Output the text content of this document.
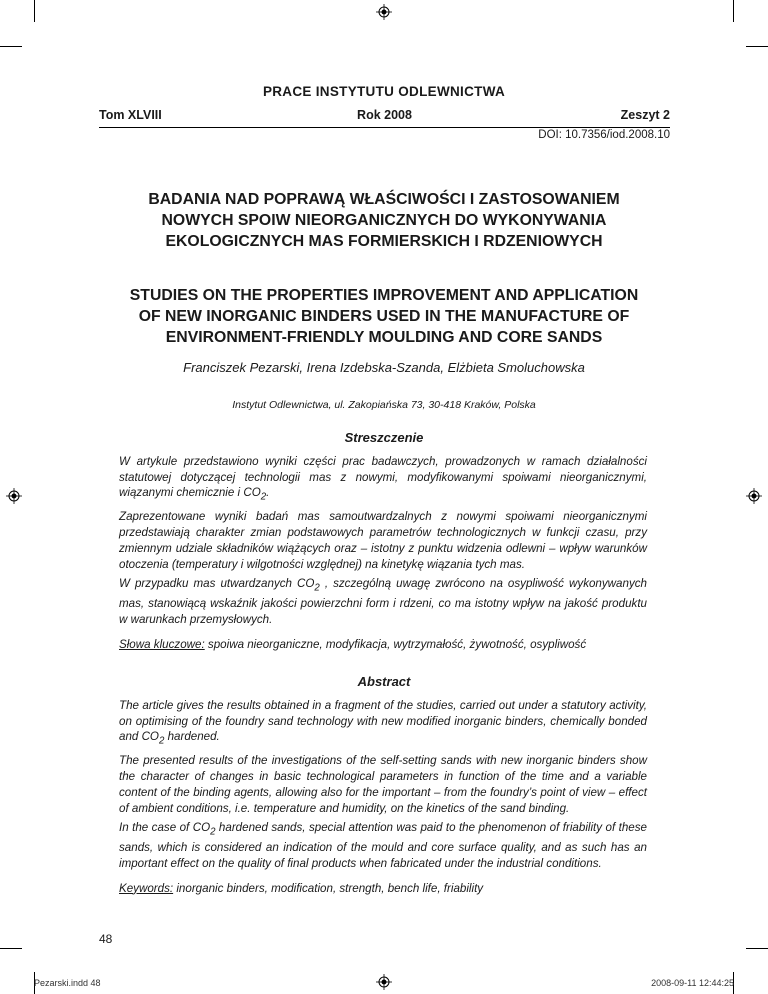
PRACE INSTYTUTU ODLEWNICTWA
Tom XLVIII	Rok 2008	Zeszyt 2
DOI: 10.7356/iod.2008.10
BADANIA NAD POPRAWĄ WŁAŚCIWOŚCI I ZASTOSOWANIEM
NOWYCH SPOIW NIEORGANICZNYCH DO WYKONYWANIA
EKOLOGICZNYCH MAS FORMIERSKICH I RDZENIOWYCH
STUDIES ON THE PROPERTIES IMPROVEMENT AND APPLICATION
OF NEW INORGANIC BINDERS USED IN THE MANUFACTURE OF
ENVIRONMENT-FRIENDLY MOULDING AND CORE SANDS
Franciszek Pezarski, Irena Izdebska-Szanda, Elżbieta Smoluchowska
Instytut Odlewnictwa, ul. Zakopiańska 73, 30-418 Kraków, Polska
Streszczenie

W artykule przedstawiono wyniki części prac badawczych, prowadzonych w ramach działalności statutowej dotyczącej technologii mas z nowymi, modyfikowanymi spoiwami nieorganicznymi, wiązanymi chemicznie i $CO_2$.

Zaprezentowane wyniki badań mas samoutwardzalnych z nowymi spoiwami nieorganicznymi przedstawiają charakter zmian podstawowych parametrów technologicznych w funkcji czasu, przy zmiennym udziale składników wiążących oraz – istotny z punktu widzenia odlewni – wpływ warunków otoczenia (temperatury i wilgotności względnej) na kinetykę wiązania tych mas.

W przypadku mas utwardzanych $CO_2$ , szczególną uwagę zwrócono na osypliwość wykonywanych mas, stanowiącą wskaźnik jakości powierzchni form i rdzeni, co ma istotny wpływ na jakość produktu w warunkach przemysłowych.

Słowa kluczowe: spoiwa nieorganiczne, modyfikacja, wytrzymałość, żywotność, osypliwość

Abstract

The article gives the results obtained in a fragment of the studies, carried out under a statutory activity, on optimising of the foundry sand technology with new modified inorganic binders, chemically bonded and $CO_2$ hardened.

The presented results of the investigations of the self-setting sands with new inorganic binders show the character of changes in basic technological parameters in function of the time and a variable content of the binding agents, allowing also for the important – from the foundry’s point of view – effect of ambient conditions, i.e. temperature and humidity, on the kinetics of the sand binding.

In the case of $CO_2$ hardened sands, special attention was paid to the phenomenon of friability of these sands, which is considered an indication of the mould and core surface quality, and as such has an important effect on the quality of final products when fabricated under the industrial conditions.

Keywords: inorganic binders, modification, strength, bench life, friability

48
Pezarski.indd 48	2008-09-11 12:44:25
